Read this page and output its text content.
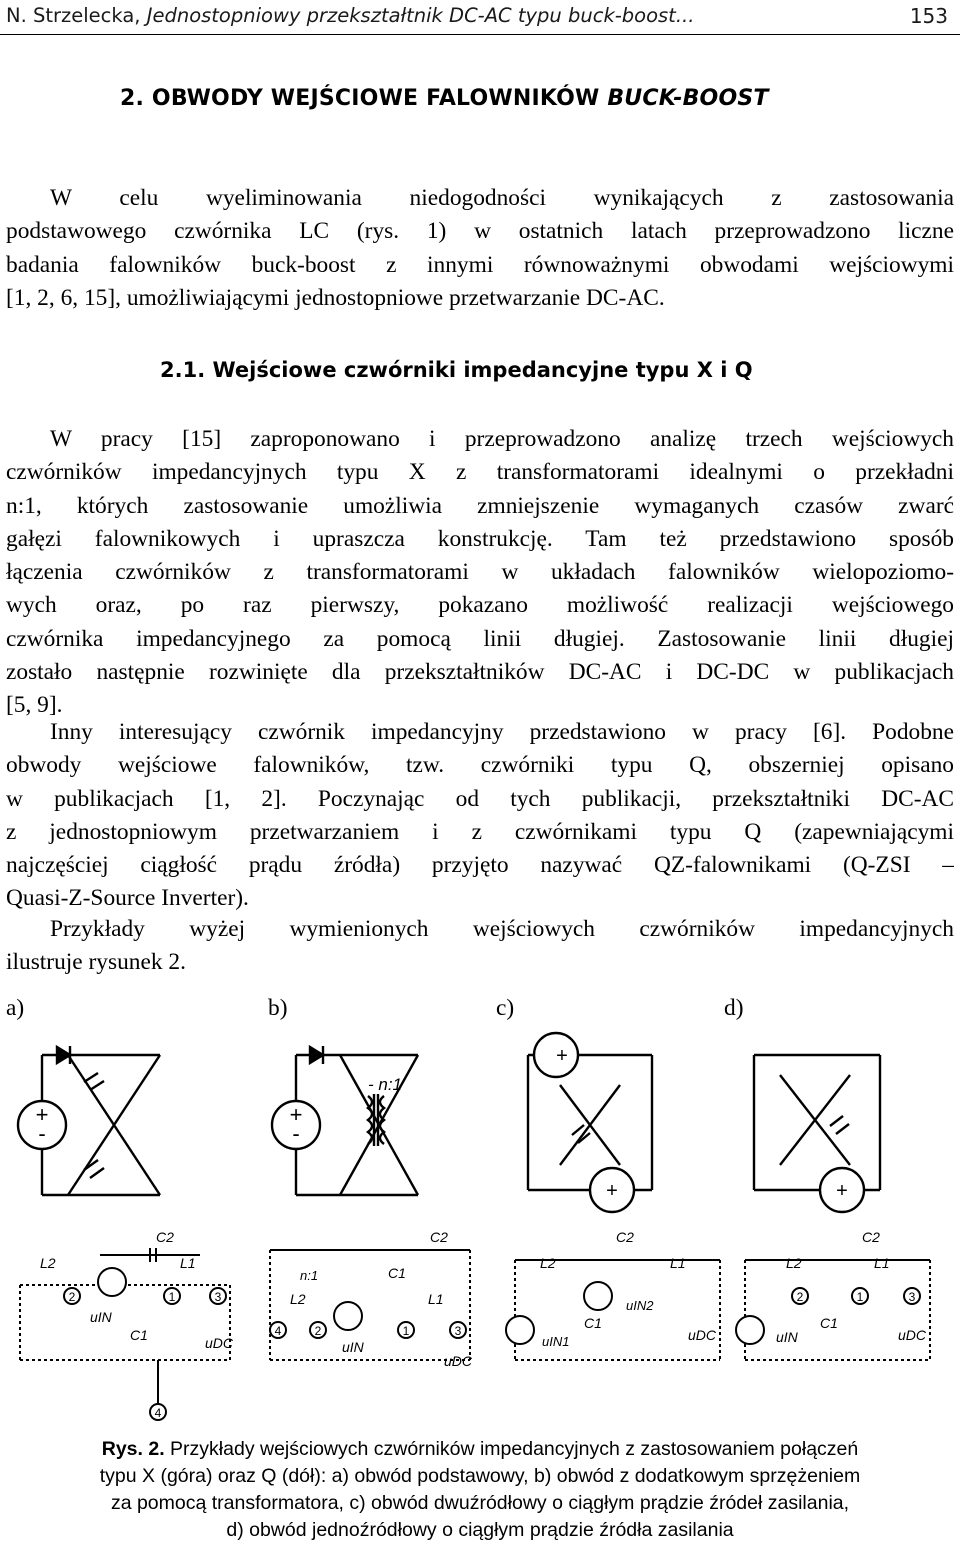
N. Strzelecka, Jednostopniowy przekształtnik DC-AC typu buck-boost...	153
2. OBWODY WEJŚCIOWE FALOWNIKÓW BUCK-BOOST
W celu wyeliminowania niedogodności wynikających z zastosowania
podstawowego czwórnika LC (rys. 1) w ostatnich latach przeprowadzono liczne
badania falowników buck-boost z innymi równoważnymi obwodami wejściowymi
[1, 2, 6, 15], umożliwiającymi jednostopniowe przetwarzanie DC-AC.
2.1. Wejściowe czwórniki impedancyjne typu X i Q
W pracy [15] zaproponowano i przeprowadzono analizę trzech wejściowych
czwórników impedancyjnych typu X z transformatorami idealnymi o przekładni
n:1, których zastosowanie umożliwia zmniejszenie wymaganych czasów zwarć
gałęzi falownikowych i upraszcza konstrukcję. Tam też przedstawiono sposób
łączenia czwórników z transformatorami w układach falowników wielopoziomo-
wych oraz, po raz pierwszy, pokazano możliwość realizacji wejściowego
czwórnika impedancyjnego za pomocą linii długiej. Zastosowanie linii długiej
zostało następnie rozwinięte dla przekształtników DC-AC i DC-DC w publikacjach
[5, 9].
Inny interesujący czwórnik impedancyjny przedstawiono w pracy [6]. Podobne
obwody wejściowe falowników, tzw. czwórniki typu Q, obszerniej opisano
w publikacjach [1, 2]. Poczynając od tych publikacji, przekształtniki DC-AC
z jednostopniowym przetwarzaniem i z czwórnikami typu Q (zapewniającymi
najczęściej ciągłość prądu źródła) przyjęto nazywać QZ-falownikami (Q-ZSI –
Quasi-Z-Source Inverter).
Przykłady wyżej wymienionych wejściowych czwórników impedancyjnych
ilustruje rysunek 2.
a)	b)	c)	d)
+
-
+
-
- n:1
+
+	+
C2
L2	L1
uIN
C1	uDC
C2
n:1	C1
L2	L1
uIN
uDC
C2
L2	L1
uIN2
uIN1
C1
uDC
C2
L2	L1
uIN
C1
uDC
2	1	3
4
4	2	1	3
2	1	3
Rys. 2. Przykłady wejściowych czwórników impedancyjnych z zastosowaniem połączeń
typu X (góra) oraz Q (dół): a) obwód podstawowy, b) obwód z dodatkowym sprzężeniem
za pomocą transformatora, c) obwód dwuźródłowy o ciągłym prądzie źródeł zasilania,
d) obwód jednoźródłowy o ciągłym prądzie źródła zasilania
